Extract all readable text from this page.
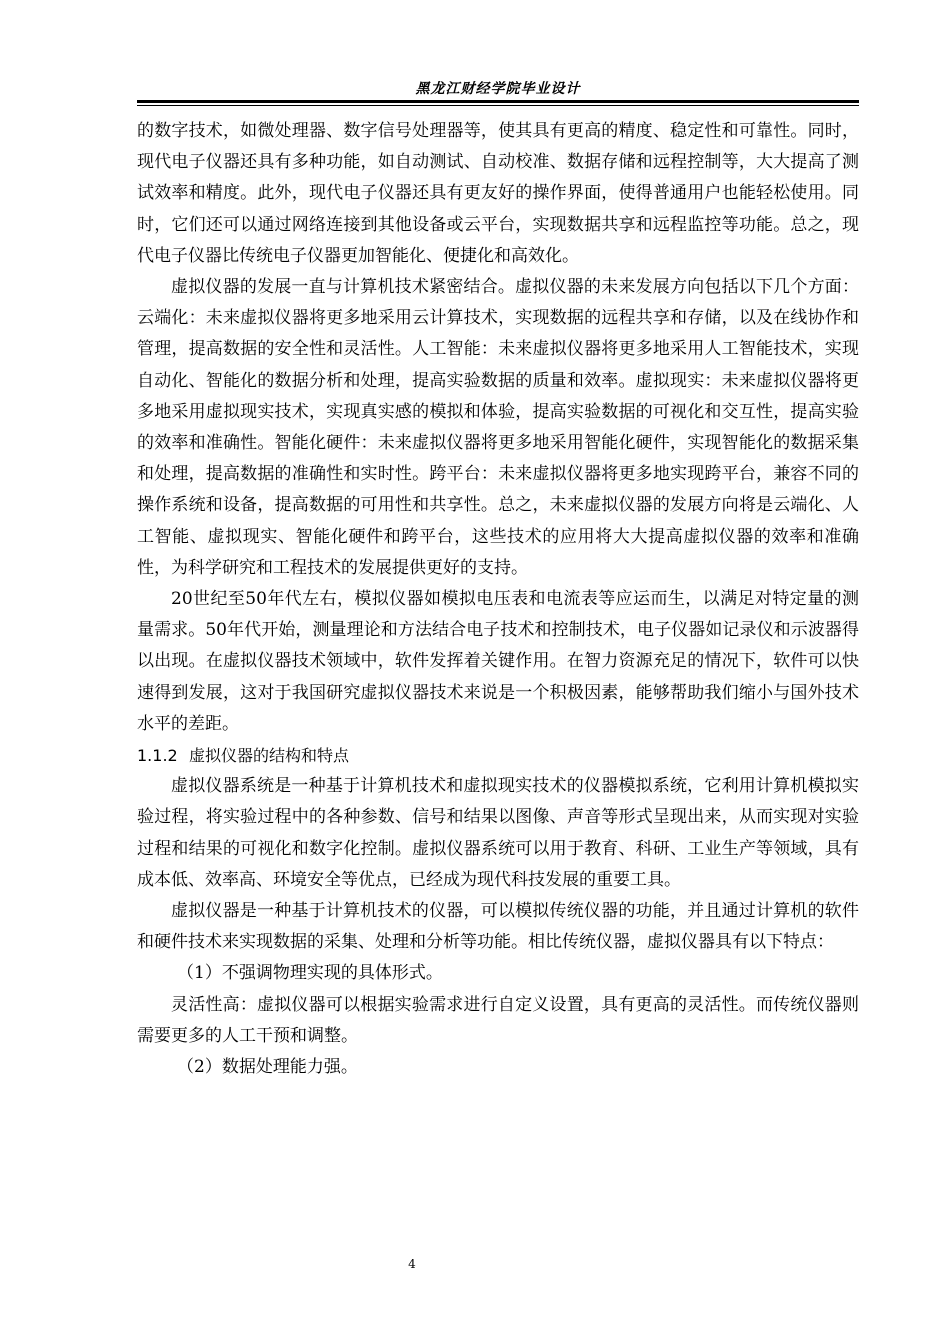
黑龙江财经学院毕业设计

的数字技术，如微处理器、数字信号处理器等，使其具有更高的精度、稳定性和可靠性。同时，现代电子仪器还具有多种功能，如自动测试、自动校准、数据存储和远程控制等，大大提高了测试效率和精度。此外，现代电子仪器还具有更友好的操作界面，使得普通用户也能轻松使用。同时，它们还可以通过网络连接到其他设备或云平台，实现数据共享和远程监控等功能。总之，现代电子仪器比传统电子仪器更加智能化、便捷化和高效化。

虚拟仪器的发展一直与计算机技术紧密结合。虚拟仪器的未来发展方向包括以下几个方面：云端化：未来虚拟仪器将更多地采用云计算技术，实现数据的远程共享和存储，以及在线协作和管理，提高数据的安全性和灵活性。人工智能：未来虚拟仪器将更多地采用人工智能技术，实现自动化、智能化的数据分析和处理，提高实验数据的质量和效率。虚拟现实：未来虚拟仪器将更多地采用虚拟现实技术，实现真实感的模拟和体验，提高实验数据的可视化和交互性，提高实验的效率和准确性。智能化硬件：未来虚拟仪器将更多地采用智能化硬件，实现智能化的数据采集和处理，提高数据的准确性和实时性。跨平台：未来虚拟仪器将更多地实现跨平台，兼容不同的操作系统和设备，提高数据的可用性和共享性。总之，未来虚拟仪器的发展方向将是云端化、人工智能、虚拟现实、智能化硬件和跨平台，这些技术的应用将大大提高虚拟仪器的效率和准确性，为科学研究和工程技术的发展提供更好的支持。

20世纪至50年代左右，模拟仪器如模拟电压表和电流表等应运而生，以满足对特定量的测量需求。50年代开始，测量理论和方法结合电子技术和控制技术，电子仪器如记录仪和示波器得以出现。在虚拟仪器技术领域中，软件发挥着关键作用。在智力资源充足的情况下，软件可以快速得到发展，这对于我国研究虚拟仪器技术来说是一个积极因素，能够帮助我们缩小与国外技术水平的差距。

1.1.2 虚拟仪器的结构和特点

虚拟仪器系统是一种基于计算机技术和虚拟现实技术的仪器模拟系统，它利用计算机模拟实验过程，将实验过程中的各种参数、信号和结果以图像、声音等形式呈现出来，从而实现对实验过程和结果的可视化和数字化控制。虚拟仪器系统可以用于教育、科研、工业生产等领域，具有成本低、效率高、环境安全等优点，已经成为现代科技发展的重要工具。

虚拟仪器是一种基于计算机技术的仪器，可以模拟传统仪器的功能，并且通过计算机的软件和硬件技术来实现数据的采集、处理和分析等功能。相比传统仪器，虚拟仪器具有以下特点：

（1）不强调物理实现的具体形式。

灵活性高：虚拟仪器可以根据实验需求进行自定义设置，具有更高的灵活性。而传统仪器则需要更多的人工干预和调整。

（2）数据处理能力强。

4
